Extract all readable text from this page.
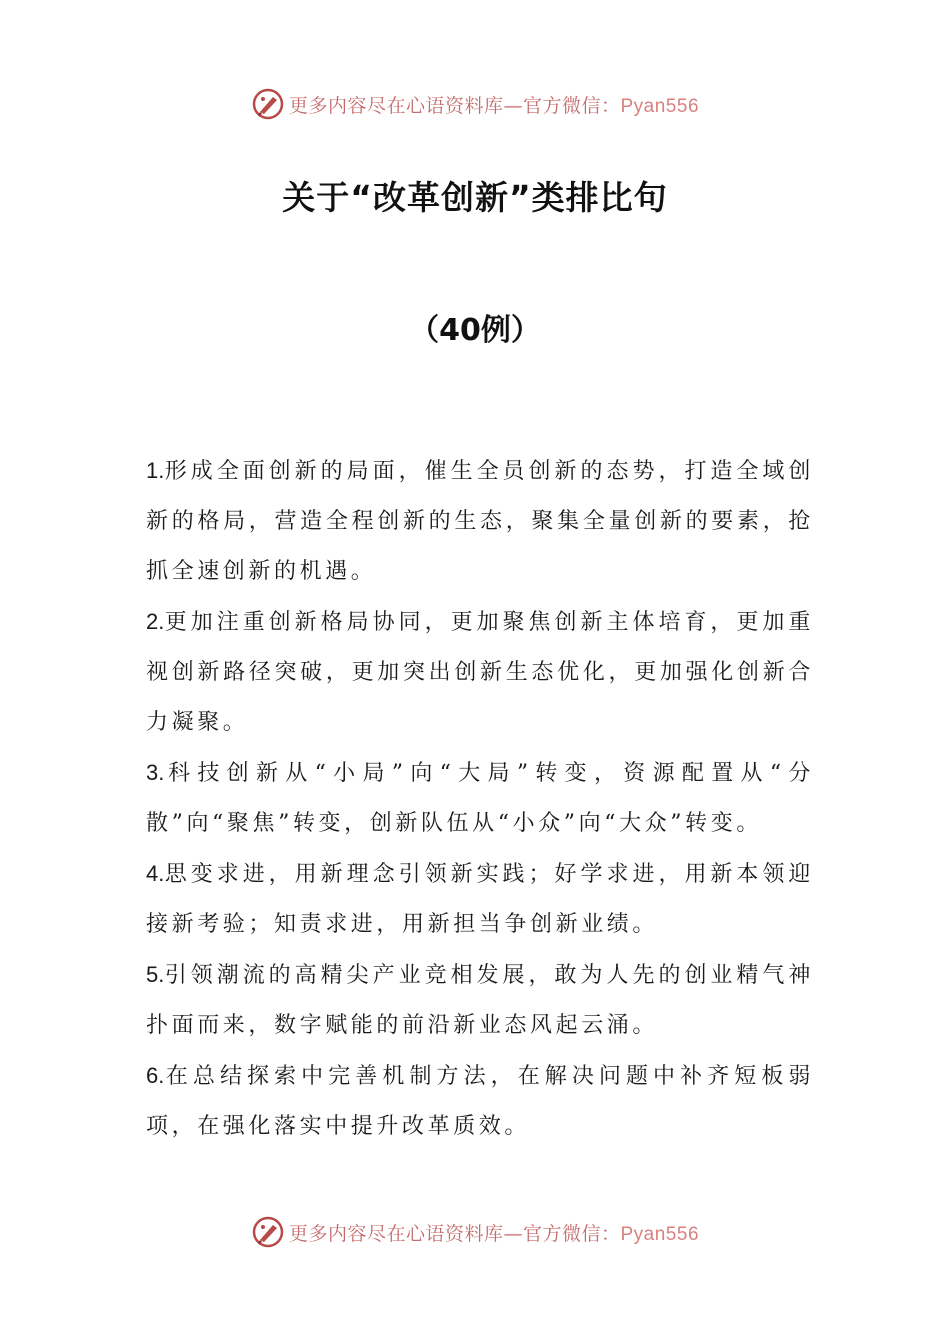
更多内容尽在心语资料库—官方微信：Pyan556
关于“改革创新”类排比句
（40例）
1.形成全面创新的局面，催生全员创新的态势，打造全域创新的格局，营造全程创新的生态，聚集全量创新的要素，抢抓全速创新的机遇。
2.更加注重创新格局协同，更加聚焦创新主体培育，更加重视创新路径突破，更加突出创新生态优化，更加强化创新合力凝聚。
3.科技创新从“小局”向“大局”转变，资源配置从“分散”向“聚焦”转变，创新队伍从“小众”向“大众”转变。
4.思变求进，用新理念引领新实践；好学求进，用新本领迎接新考验；知责求进，用新担当争创新业绩。
5.引领潮流的高精尖产业竞相发展，敢为人先的创业精气神扑面而来，数字赋能的前沿新业态风起云涌。
6.在总结探索中完善机制方法，在解决问题中补齐短板弱项，在强化落实中提升改革质效。
更多内容尽在心语资料库—官方微信：Pyan556
